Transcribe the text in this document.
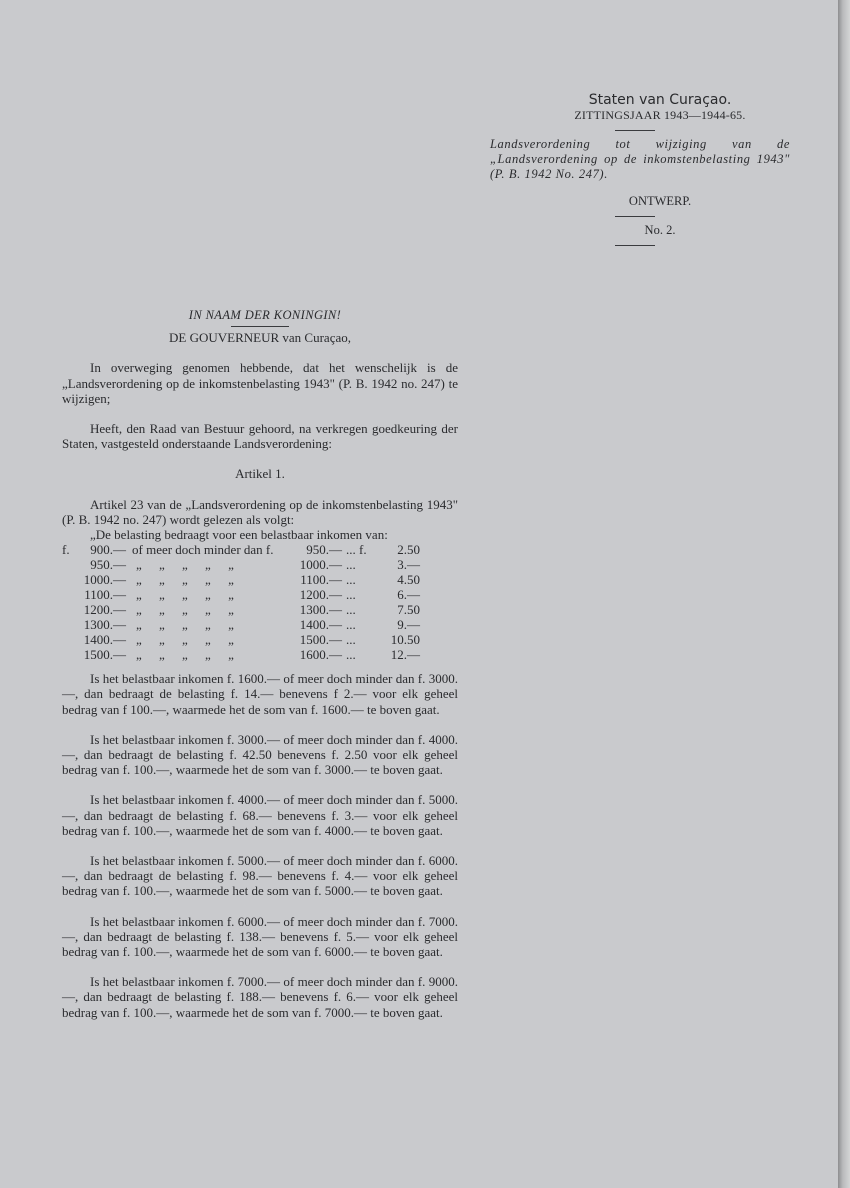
Staten van Curaçao.
ZITTINGSJAAR 1943—1944-65.
Landsverordening tot wijziging van de „Landsverordening op de inkomstenbelasting 1943" (P. B. 1942 No. 247).
ONTWERP.
No. 2.
IN NAAM DER KONINGIN!
DE GOUVERNEUR van Curaçao,

In overweging genomen hebbende, dat het wenschelijk is de „Landsverordening op de inkomstenbelasting 1943" (P. B. 1942 no. 247) te wijzigen;

Heeft, den Raad van Bestuur gehoord, na verkregen goedkeuring der Staten, vastgesteld onderstaande Landsverordening:

Artikel 1.

Artikel 23 van de „Landsverordening op de inkomstenbelasting 1943" (P. B. 1942 no. 247) wordt gelezen als volgt:

„De belasting bedraagt voor een belastbaar inkomen van:

f.	900.—	of meer doch minder dan f.	950.—	... f.	2.50
	950.—	„ „ „ „ „	1000.—	...	3.—
	1000.—	„ „ „ „ „	1100.—	...	4.50
	1100.—	„ „ „ „ „	1200.—	...	6.—
	1200.—	„ „ „ „ „	1300.—	...	7.50
	1300.—	„ „ „ „ „	1400.—	...	9.—
	1400.—	„ „ „ „ „	1500.—	...	10.50
	1500.—	„ „ „ „ „	1600.—	...	12.—

Is het belastbaar inkomen f. 1600.— of meer doch minder dan f. 3000.—, dan bedraagt de belasting f. 14.— benevens f 2.— voor elk geheel bedrag van f 100.—, waarmede het de som van f. 1600.— te boven gaat.

Is het belastbaar inkomen f. 3000.— of meer doch minder dan f. 4000.—, dan bedraagt de belasting f. 42.50 benevens f. 2.50 voor elk geheel bedrag van f. 100.—, waarmede het de som van f. 3000.— te boven gaat.

Is het belastbaar inkomen f. 4000.— of meer doch minder dan f. 5000.—, dan bedraagt de belasting f. 68.— benevens f. 3.— voor elk geheel bedrag van f. 100.—, waarmede het de som van f. 4000.— te boven gaat.

Is het belastbaar inkomen f. 5000.— of meer doch minder dan f. 6000.—, dan bedraagt de belasting f. 98.— benevens f. 4.— voor elk geheel bedrag van f. 100.—, waarmede het de som van f. 5000.— te boven gaat.

Is het belastbaar inkomen f. 6000.— of meer doch minder dan f. 7000.—, dan bedraagt de belasting f. 138.— benevens f. 5.— voor elk geheel bedrag van f. 100.—, waarmede het de som van f. 6000.— te boven gaat.

Is het belastbaar inkomen f. 7000.— of meer doch minder dan f. 9000.—, dan bedraagt de belasting f. 188.— benevens f. 6.— voor elk geheel bedrag van f. 100.—, waarmede het de som van f. 7000.— te boven gaat.
